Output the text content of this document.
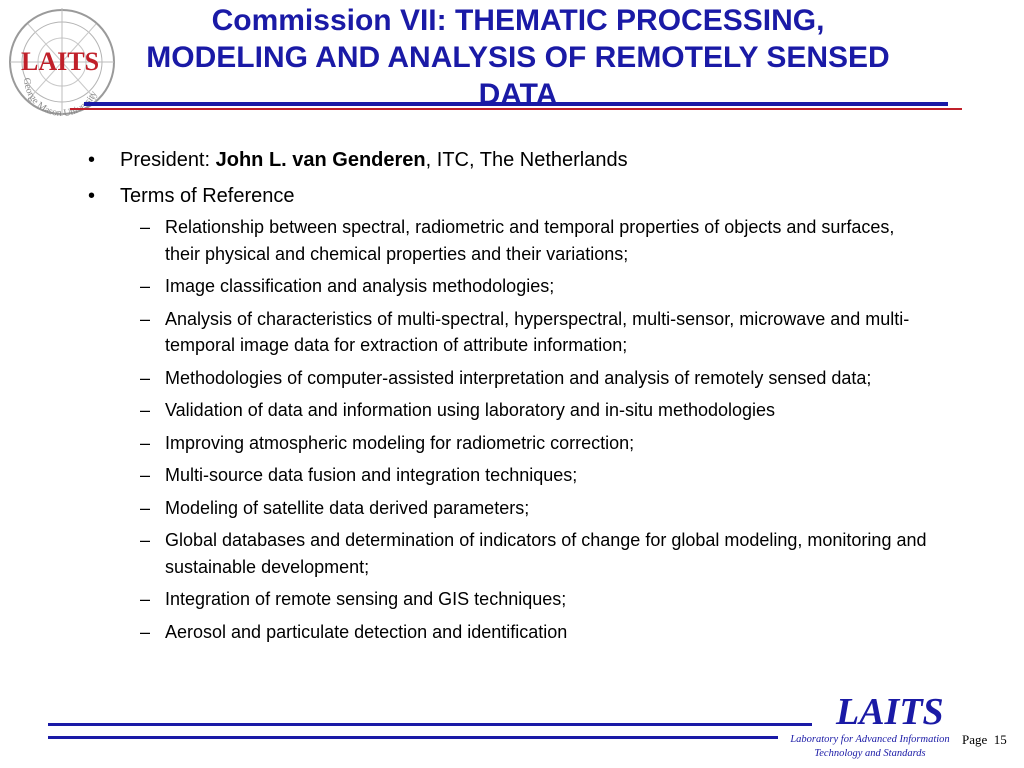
LAITS
George Mason University
Commission VII: THEMATIC PROCESSING,
MODELING AND ANALYSIS OF REMOTELY SENSED
DATA
• President: John L. van Genderen, ITC, The Netherlands
• Terms of Reference
– Relationship between spectral, radiometric and temporal properties of objects and surfaces, their physical and chemical properties and their variations;
– Image classification and analysis methodologies;
– Analysis of characteristics of multi-spectral, hyperspectral, multi-sensor, microwave and multi-temporal image data for extraction of attribute information;
– Methodologies of computer-assisted interpretation and analysis of remotely sensed data;
– Validation of data and information using laboratory and in-situ methodologies
– Improving atmospheric modeling for radiometric correction;
– Multi-source data fusion and integration techniques;
– Modeling of satellite data derived parameters;
– Global databases and determination of indicators of change for global modeling, monitoring and sustainable development;
– Integration of remote sensing and GIS techniques;
– Aerosol and particulate detection and identification
LAITS
Laboratory for Advanced Information
Technology and Standards
Page 15
